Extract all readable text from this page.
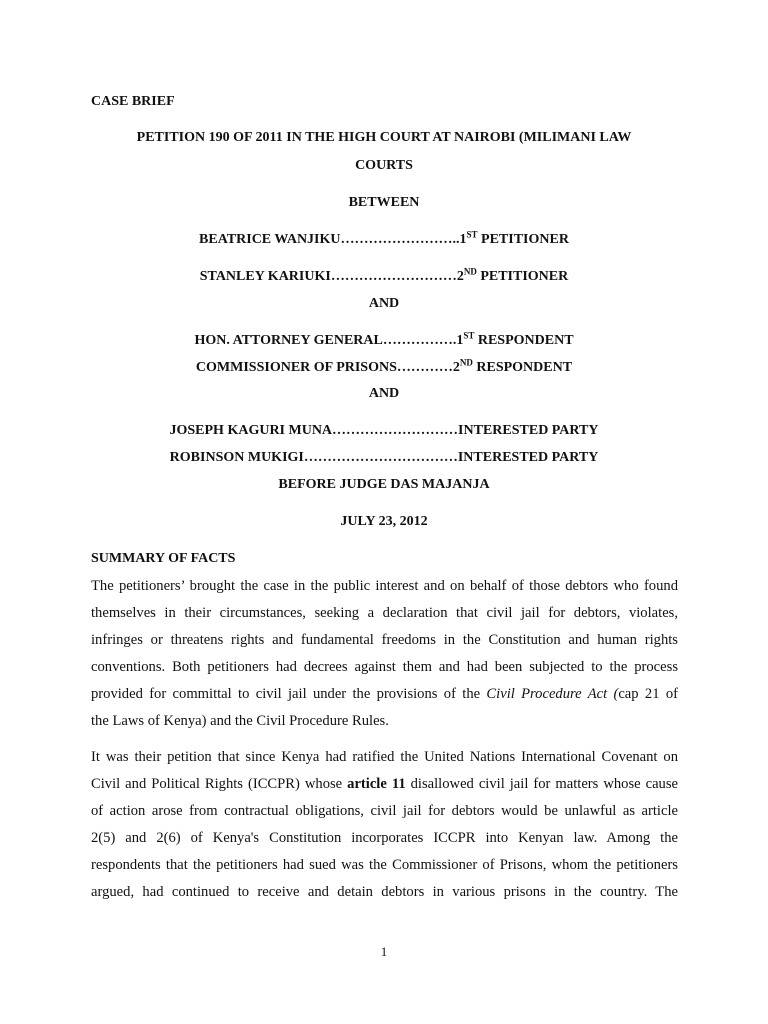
CASE BRIEF
PETITION 190 OF 2011 IN THE HIGH COURT AT NAIROBI (MILIMANI LAW
COURTS
BETWEEN
BEATRICE WANJIKU……………………..1ST PETITIONER
STANLEY KARIUKI………………………2ND PETITIONER
AND
HON. ATTORNEY GENERAL…………….1ST RESPONDENT
COMMISSIONER OF PRISONS…………2ND RESPONDENT
AND
JOSEPH KAGURI MUNA………………………INTERESTED PARTY
ROBINSON MUKIGI……………………………INTERESTED PARTY
BEFORE JUDGE DAS MAJANJA
JULY 23, 2012
SUMMARY OF FACTS
The petitioners’ brought the case in the public interest and on behalf of those debtors who found
themselves in their circumstances, seeking a declaration that civil jail for debtors, violates,
infringes or threatens rights and fundamental freedoms in the Constitution and human rights
conventions. Both petitioners had decrees against them and had been subjected to the process
provided for committal to civil jail under the provisions of the Civil Procedure Act (cap 21 of
the Laws of Kenya) and the Civil Procedure Rules.
It was their petition that since Kenya had ratified the United Nations International Covenant on
Civil and Political Rights (ICCPR) whose article 11 disallowed civil jail for matters whose cause
of action arose from contractual obligations, civil jail for debtors would be unlawful as article
2(5) and 2(6) of Kenya's Constitution incorporates ICCPR into Kenyan law. Among the
respondents that the petitioners had sued was the Commissioner of Prisons, whom the petitioners
argued, had continued to receive and detain debtors in various prisons in the country. The
1
